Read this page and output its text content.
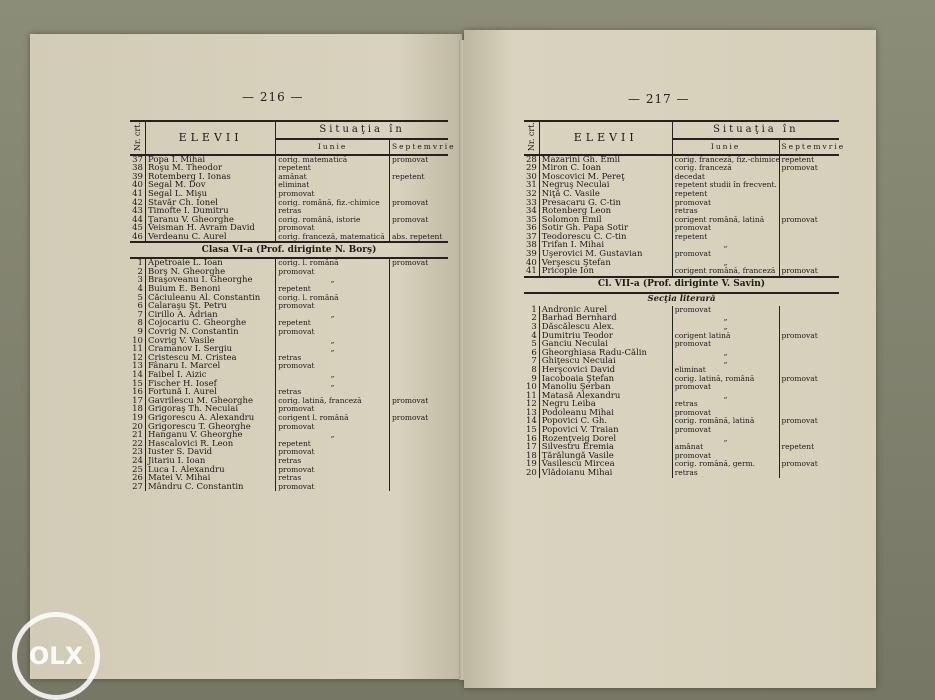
— 216 —
Nr. crt.	ELEVII	Situaţia în	
		Iunie	Septemvrie
37	Popa I. Mihai	corig. matematică	promovat
38	Roşu M. Theodor	repetent	
39	Rotemberg I. Ionas	amânat	repetent
40	Segal M. Dov	eliminat	
41	Segal L. Mişu	promovat	
42	Stavăr Ch. Ionel	corig. română, fiz.-chimice	promovat
43	Timofte I. Dumitru	retras	
44	Ţaranu V. Gheorghe	corig. română, istorie	promovat
45	Veisman H. Avram David	promovat	
46	Verdeanu C. Aurel	corig. franceză, matematică	abs. repetent
Clasa VI-a (Prof. diriginte N. Borş)			
1	Apetroaie L. Ioan	corig. l. română	promovat
2	Borş N. Gheorghe	promovat	
3	Braşoveanu I. Gheorghe	„	
4	Buium E. Benoni	repetent	
5	Căciuleanu Al. Constantin	corig. l. română	
6	Calaraşu Şt. Petru	promovat	
7	Cirillo A. Adrian	„	
8	Cojocariu C. Gheorghe	repetent	
9	Covrig N. Constantin	promovat	
10	Covrig V. Vasile	„	
11	Cramanov I. Sergiu	„	
12	Cristescu M. Cristea	retras	
13	Fânaru I. Marcel	promovat	
14	Faibel I. Aizic	„	
15	Fischer H. Iosef	„	
16	Fortună I. Aurel	retras	
17	Gavrilescu M. Gheorghe	corig. latină, franceză	promovat
18	Grigoraş Th. Neculai	promovat	
19	Grigorescu A. Alexandru	corigent l. română	promovat
20	Grigorescu T. Gheorghe	promovat	
21	Hanganu V. Gheorghe	„	
22	Hascalovici R. Leon	repetent	
23	Iuster S. David	promovat	
24	Jitariu I. Ioan	retras	
25	Luca I. Alexandru	promovat	
26	Matei V. Mihai	retras	
27	Mândru C. Constantin	promovat	
— 217 —
Nr. crt.	ELEVII	Situaţia în	
		Iunie	Septemvrie
28	Mazarini Gh. Emil	corig. franceză, fiz.-chimice	repetent
29	Miron C. Ioan	corig. franceză	promovat
30	Moscovici M. Pereţ	decedat	
31	Negruş Neculai	repetent studii în frecvent.	
32	Niţă C. Vasile	repetent	
33	Presacaru G. C-tin	promovat	
34	Rotenberg Leon	retras	
35	Solomon Emil	corigent română, latină	promovat
36	Sotir Gh. Papa Sotir	promovat	
37	Teodorescu C. C-tin	repetent	
38	Trifan I. Mihai	„	
39	Uşerovici M. Gustavian	promovat	
40	Verşescu Ştefan	„	
41	Pricopie Ion	corigent română, franceză	promovat
Cl. VII-a (Prof. diriginte V. Savin)			
Secţia literară			
1	Andronic Aurel	promovat	
2	Barhad Bernhard	„	
3	Dăscălescu Alex.	„	
4	Dumitriu Teodor	corigent latină	promovat
5	Ganciu Neculai	promovat	
6	Gheorghiasa Radu-Călin	„	
7	Ghiţescu Neculai	„	
8	Herşcovici David	eliminat	
9	Iacoboaia Ştefan	corig. latină, română	promovat
10	Manoliu Şerban	promovat	
11	Matasă Alexandru	„	
12	Negru Leiba	retras	
13	Podoleanu Mihai	promovat	
14	Popovici C. Gh.	corig. română, latină	promovat
15	Popovici V. Traian	promovat	
16	Rozenţveig Dorel	„	
17	Silvestru Eremia	amânat	repetent
18	Ţărălungă Vasile	promovat	
19	Vasilescu Mircea	corig. română, germ.	promovat
20	Vlădoianu Mihai	retras	
OLX
